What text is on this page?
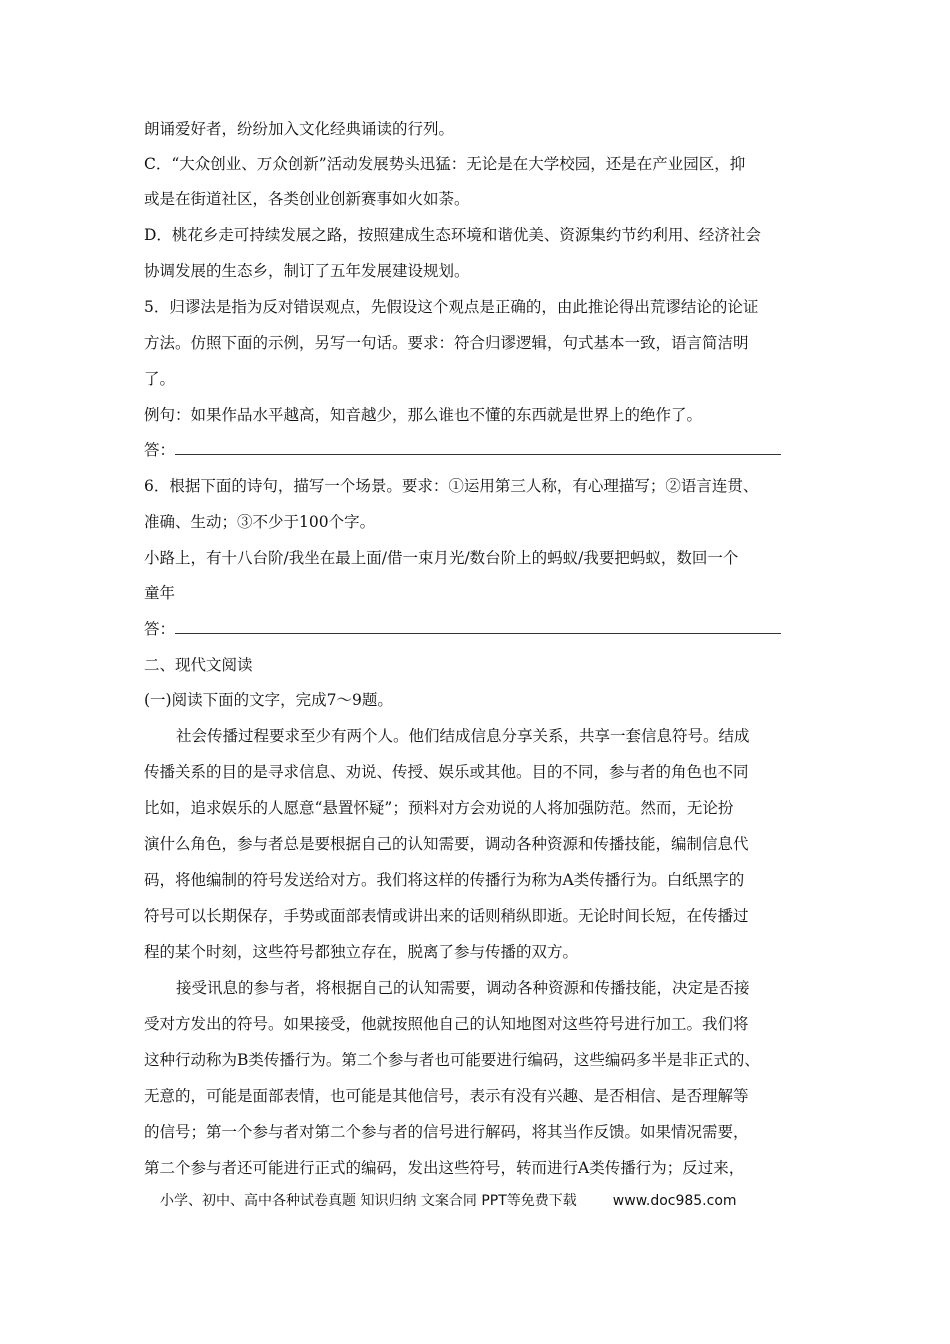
朗诵爱好者，纷纷加入文化经典诵读的行列。
C．“大众创业、万众创新”活动发展势头迅猛：无论是在大学校园，还是在产业园区，抑
或是在街道社区，各类创业创新赛事如火如荼。
D．桃花乡走可持续发展之路，按照建成生态环境和谐优美、资源集约节约利用、经济社会
协调发展的生态乡，制订了五年发展建设规划。
5．归谬法是指为反对错误观点，先假设这个观点是正确的，由此推论得出荒谬结论的论证
方法。仿照下面的示例，另写一句话。要求：符合归谬逻辑，句式基本一致，语言简洁明
了。
例句：如果作品水平越高，知音越少，那么谁也不懂的东西就是世界上的绝作了。
答：
6．根据下面的诗句，描写一个场景。要求：①运用第三人称，有心理描写；②语言连贯、
准确、生动；③不少于100个字。
小路上，有十八台阶/我坐在最上面/借一束月光/数台阶上的蚂蚁/我要把蚂蚁，数回一个
童年
答：
二、现代文阅读
(一)阅读下面的文字，完成7～9题。
社会传播过程要求至少有两个人。他们结成信息分享关系，共享一套信息符号。结成
传播关系的目的是寻求信息、劝说、传授、娱乐或其他。目的不同，参与者的角色也不同
比如，追求娱乐的人愿意“悬置怀疑”；预料对方会劝说的人将加强防范。然而，无论扮
演什么角色，参与者总是要根据自己的认知需要，调动各种资源和传播技能，编制信息代
码，将他编制的符号发送给对方。我们将这样的传播行为称为A类传播行为。白纸黑字的
符号可以长期保存，手势或面部表情或讲出来的话则稍纵即逝。无论时间长短，在传播过
程的某个时刻，这些符号都独立存在，脱离了参与传播的双方。
接受讯息的参与者，将根据自己的认知需要，调动各种资源和传播技能，决定是否接
受对方发出的符号。如果接受，他就按照他自己的认知地图对这些符号进行加工。我们将
这种行动称为B类传播行为。第二个参与者也可能要进行编码，这些编码多半是非正式的、
无意的，可能是面部表情，也可能是其他信号，表示有没有兴趣、是否相信、是否理解等
的信号；第一个参与者对第二个参与者的信号进行解码，将其当作反馈。如果情况需要，
第二个参与者还可能进行正式的编码，发出这些符号，转而进行A类传播行为；反过来，
小学、初中、高中各种试卷真题 知识归纳 文案合同 PPT等免费下载	www.doc985.com
